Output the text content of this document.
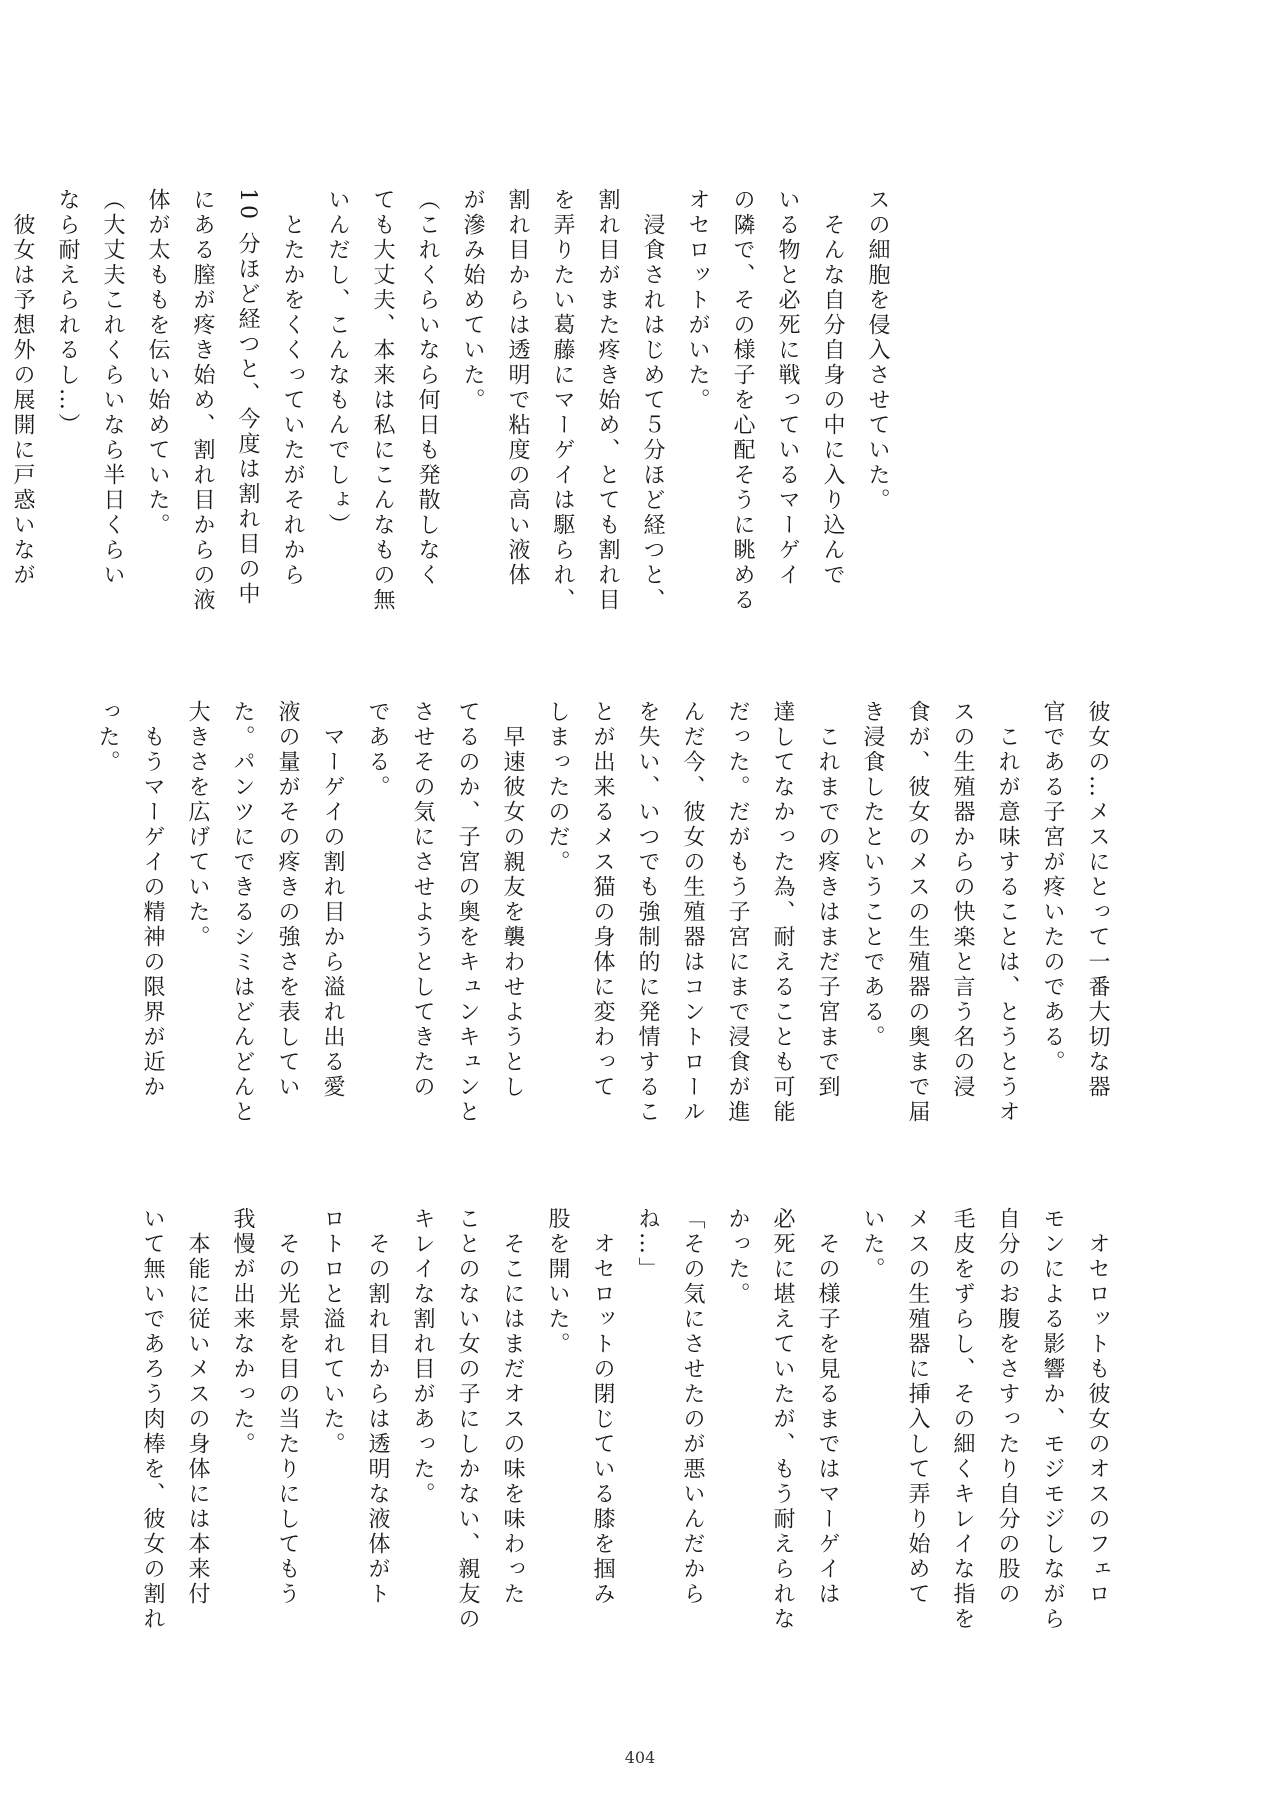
スの細胞を侵入させていた。
　そんな自分自身の中に入り込んで
いる物と必死に戦っているマーゲイ
の隣で、その様子を心配そうに眺める
オセロットがいた。
　浸食されはじめて５分ほど経つと、
割れ目がまた疼き始め、とても割れ目
を弄りたい葛藤にマーゲイは駆られ、
割れ目からは透明で粘度の高い液体
が滲み始めていた。
（これくらいなら何日も発散しなく
ても大丈夫、本来は私にこんなもの無
いんだし、こんなもんでしょ）
　とたかをくくっていたがそれから
10 分ほど経つと、今度は割れ目の中
にある膣が疼き始め、割れ目からの液
体が太ももを伝い始めていた。
（大丈夫これくらいなら半日くらい
なら耐えられるし…）
　彼女は予想外の展開に戸惑いなが
彼女の…メスにとって一番大切な器
官である子宮が疼いたのである。
　これが意味することは、とうとうオ
スの生殖器からの快楽と言う名の浸
食が、彼女のメスの生殖器の奥まで届
き浸食したということである。
　これまでの疼きはまだ子宮まで到
達してなかった為、耐えることも可能
だった。だがもう子宮にまで浸食が進
んだ今、彼女の生殖器はコントロール
を失い、いつでも強制的に発情するこ
とが出来るメス猫の身体に変わって
しまったのだ。
　早速彼女の親友を襲わせようとし
てるのか、子宮の奥をキュンキュンと
させその気にさせようとしてきたの
である。
　マーゲイの割れ目から溢れ出る愛
液の量がその疼きの強さを表してい
た。パンツにできるシミはどんどんと
大きさを広げていた。
　もうマーゲイの精神の限界が近か
った。
　オセロットも彼女のオスのフェロ
モンによる影響か、モジモジしながら
自分のお腹をさすったり自分の股の
毛皮をずらし、その細くキレイな指を
メスの生殖器に挿入して弄り始めて
いた。
　その様子を見るまではマーゲイは
必死に堪えていたが、もう耐えられな
かった。
「その気にさせたのが悪いんだから
ね…」
　オセロットの閉じている膝を掴み
股を開いた。
　そこにはまだオスの味を味わった
ことのない女の子にしかない、親友の
キレイな割れ目があった。
　その割れ目からは透明な液体がト
ロトロと溢れていた。
　その光景を目の当たりにしてもう
我慢が出来なかった。
　本能に従いメスの身体には本来付
いて無いであろう肉棒を、彼女の割れ
404
